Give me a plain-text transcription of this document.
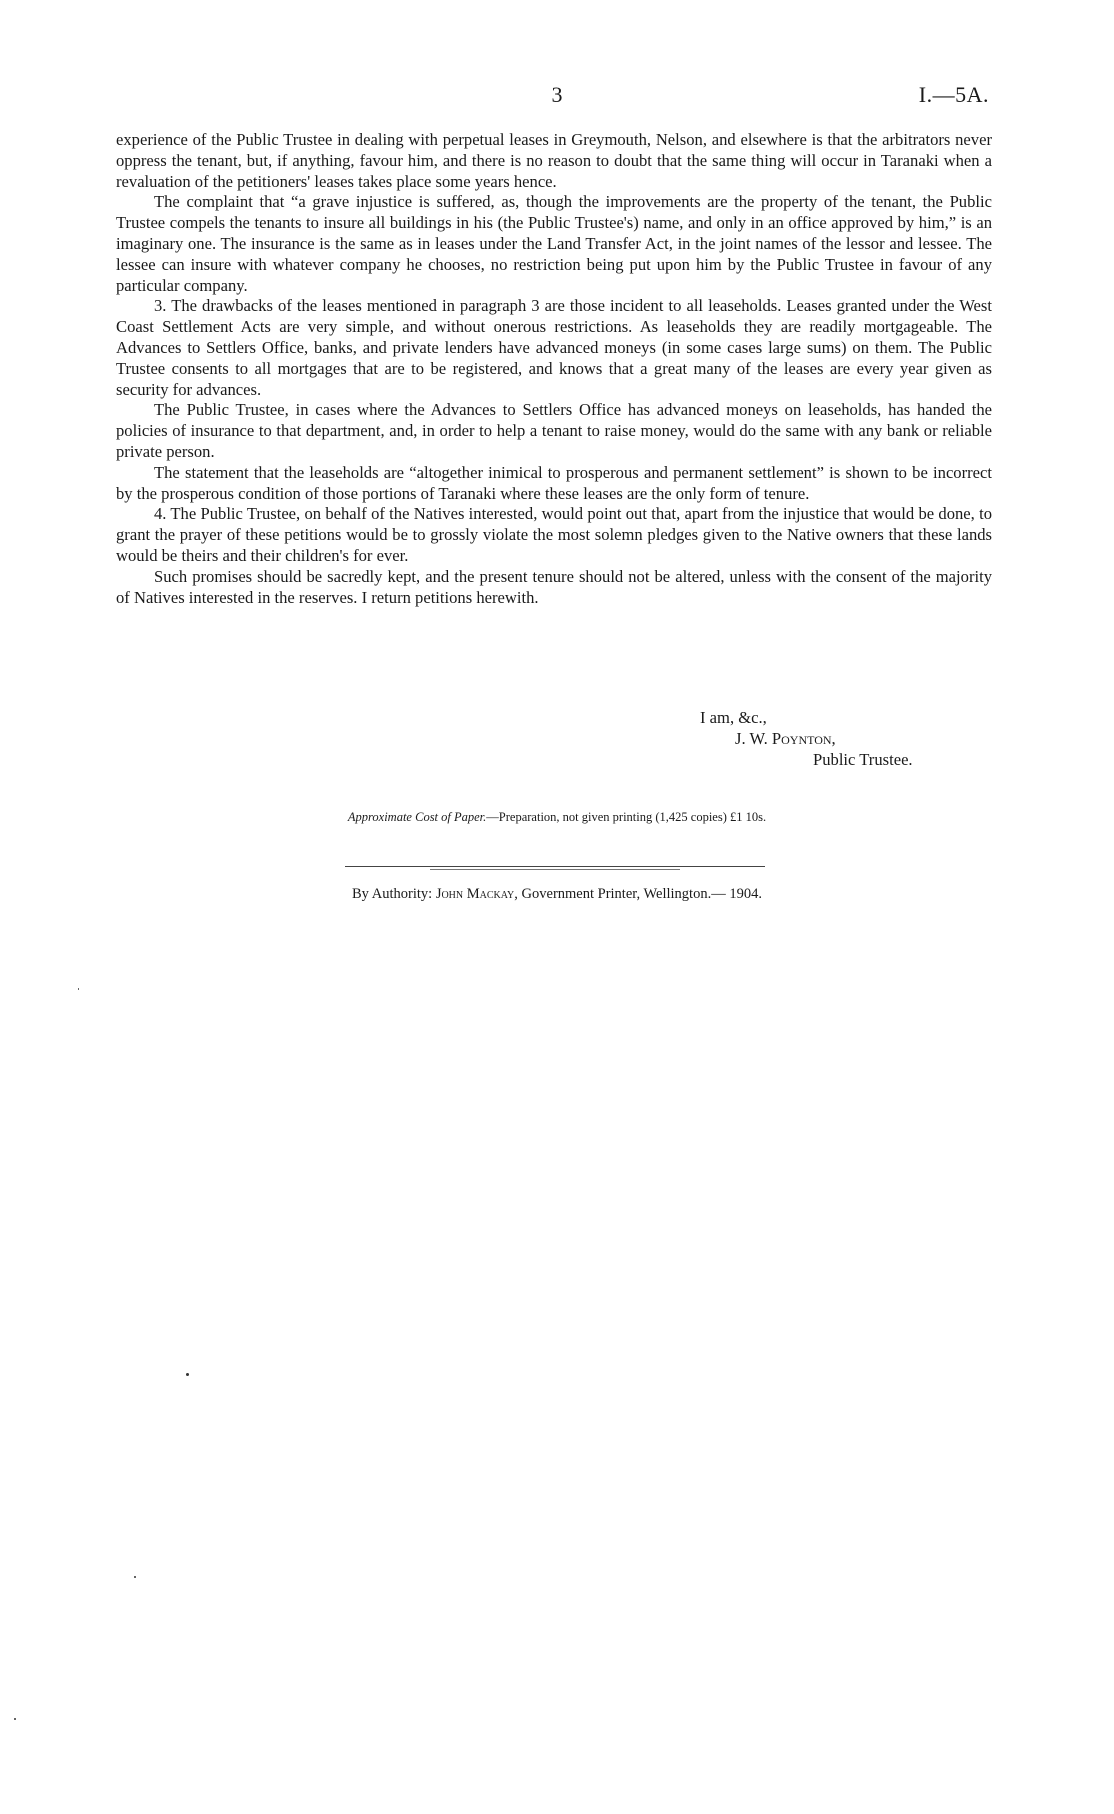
3	I.—5A.

experience of the Public Trustee in dealing with perpetual leases in Greymouth, Nelson, and elsewhere is that the arbitrators never oppress the tenant, but, if anything, favour him, and there is no reason to doubt that the same thing will occur in Taranaki when a revaluation of the petitioners' leases takes place some years hence.

The complaint that “a grave injustice is suffered, as, though the improvements are the property of the tenant, the Public Trustee compels the tenants to insure all buildings in his (the Public Trustee's) name, and only in an office approved by him,” is an imaginary one. The insurance is the same as in leases under the Land Transfer Act, in the joint names of the lessor and lessee. The lessee can insure with whatever company he chooses, no restriction being put upon him by the Public Trustee in favour of any particular company.

3. The drawbacks of the leases mentioned in paragraph 3 are those incident to all leaseholds. Leases granted under the West Coast Settlement Acts are very simple, and without onerous restrictions. As leaseholds they are readily mortgageable. The Advances to Settlers Office, banks, and private lenders have advanced moneys (in some cases large sums) on them. The Public Trustee consents to all mortgages that are to be registered, and knows that a great many of the leases are every year given as security for advances.

The Public Trustee, in cases where the Advances to Settlers Office has advanced moneys on leaseholds, has handed the policies of insurance to that department, and, in order to help a tenant to raise money, would do the same with any bank or reliable private person.

The statement that the leaseholds are “altogether inimical to prosperous and permanent settlement” is shown to be incorrect by the prosperous condition of those portions of Taranaki where these leases are the only form of tenure.

4. The Public Trustee, on behalf of the Natives interested, would point out that, apart from the injustice that would be done, to grant the prayer of these petitions would be to grossly violate the most solemn pledges given to the Native owners that these lands would be theirs and their children's for ever.

Such promises should be sacredly kept, and the present tenure should not be altered, unless with the consent of the majority of Natives interested in the reserves. I return petitions herewith.

I am, &c.,
J. W. Poynton,
Public Trustee.
Approximate Cost of Paper.—Preparation, not given printing (1,425 copies) £1 10s.
By Authority: John Mackay, Government Printer, Wellington.— 1904.
